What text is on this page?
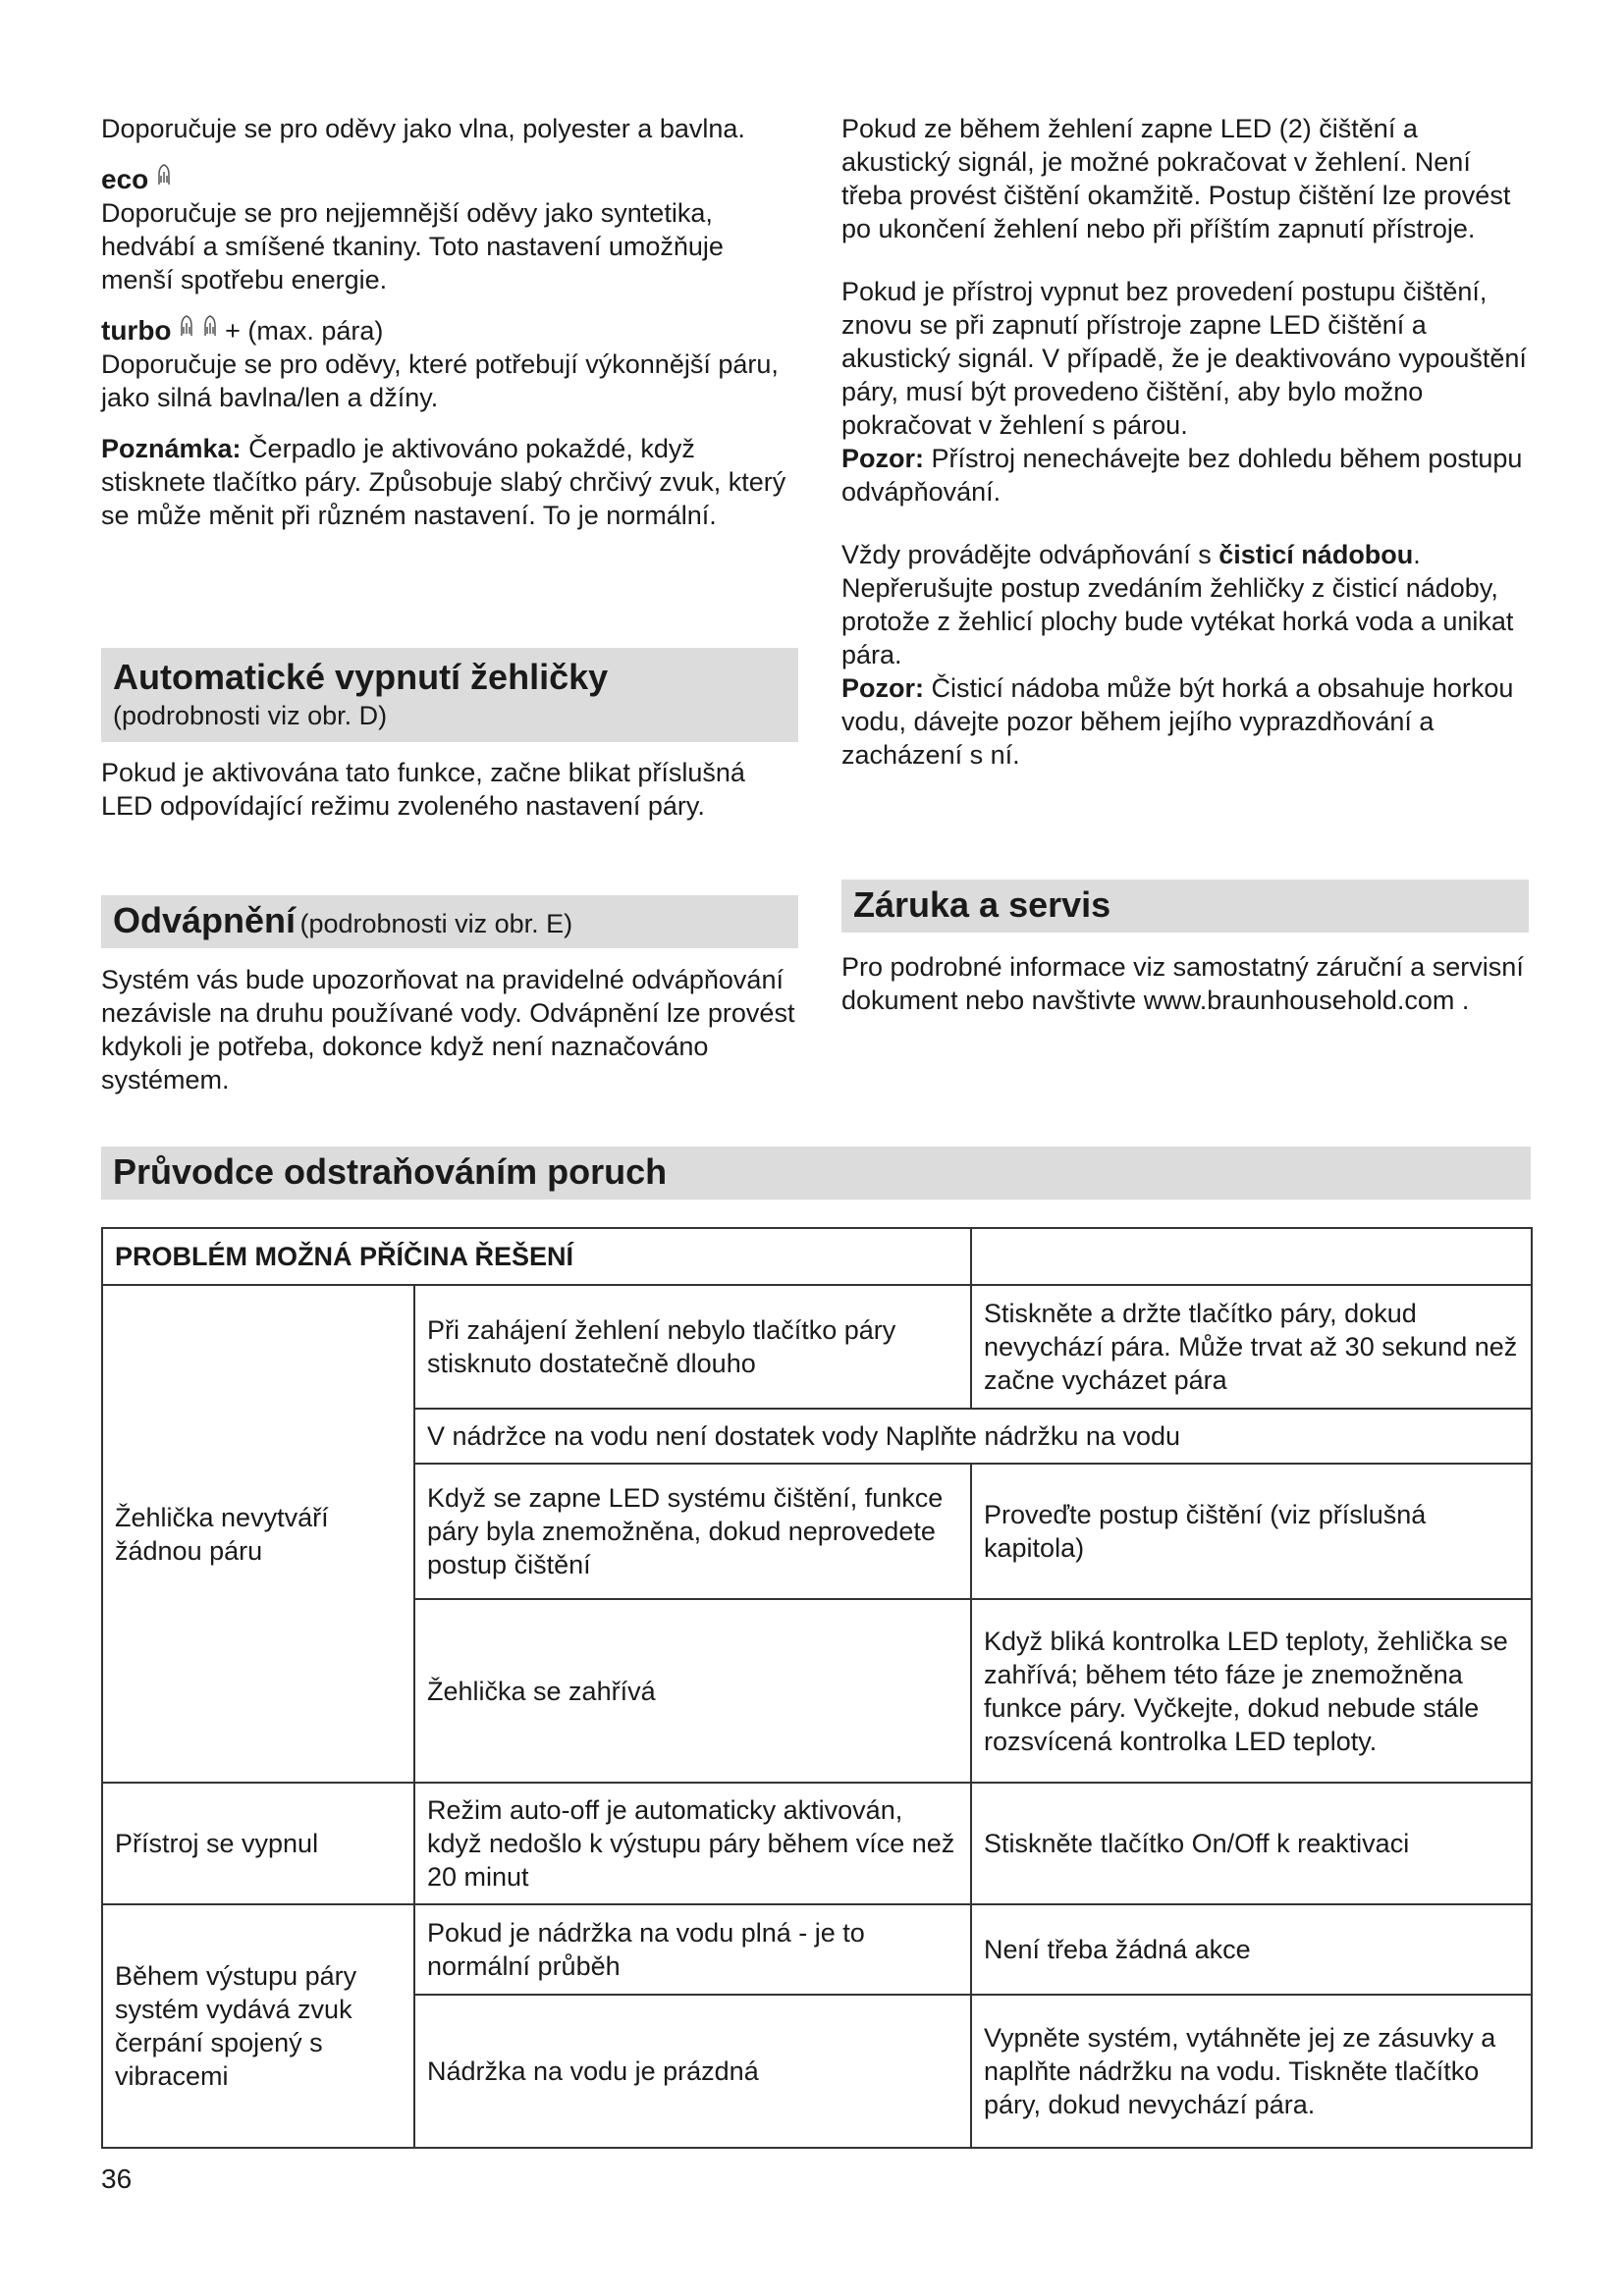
Doporučuje se pro oděvy jako vlna, polyester a bavlna.

eco

Doporučuje se pro nejjemnější oděvy jako syntetika, hedvábí a smíšené tkaniny. Toto nastavení umožňuje menší spotřebu energie.

turbo
+ (max. pára)

Doporučuje se pro oděvy, které potřebují výkonnější páru, jako silná bavlna/len a džíny.

Poznámka: Čerpadlo je aktivováno pokaždé, když stisknete tlačítko páry. Způsobuje slabý chrčivý zvuk, který se může měnit při různém nastavení. To je normální.

Automatické vypnutí žehličky
(podrobnosti viz obr. D)

Pokud je aktivována tato funkce, začne blikat příslušná LED odpovídající režimu zvoleného nastavení páry.

Odvápnění (podrobnosti viz obr. E)

Systém vás bude upozorňovat na pravidelné odvápňování nezávisle na druhu používané vody. Odvápnění lze provést kdykoli je potřeba, dokonce když není naznačováno systémem.

Pokud ze během žehlení zapne LED (2) čištění a akustický signál, je možné pokračovat v žehlení. Není třeba provést čištění okamžitě. Postup čištění lze provést po ukončení žehlení nebo při příštím zapnutí přístroje.

Pokud je přístroj vypnut bez provedení postupu čištění, znovu se při zapnutí přístroje zapne LED čištění a akustický signál. V případě, že je deaktivováno vypouštění páry, musí být provedeno čištění, aby bylo možno pokračovat v žehlení s párou.

Pozor: Přístroj nenechávejte bez dohledu během postupu odvápňování.

Vždy provádějte odvápňování s čisticí nádobou. Nepřerušujte postup zvedáním žehličky z čisticí nádoby, protože z žehlicí plochy bude vytékat horká voda a unikat pára.

Pozor: Čisticí nádoba může být horká a obsahuje horkou vodu, dávejte pozor během jejího vyprazdňování a zacházení s ní.

Záruka a servis

Pro podrobné informace viz samostatný záruční a servisní dokument nebo navštivte www.braunhousehold.com .

Průvodce odstraňováním poruch
PROBLÉM MOŽNÁ PŘÍČINA ŘEŠENÍ		
Žehlička nevytváří žádnou páru	Při zahájení žehlení nebylo tlačítko páry stisknuto dostatečně dlouho	Stiskněte a držte tlačítko páry, dokud nevychází pára. Může trvat až 30 sekund než začne vycházet pára
	V nádržce na vodu není dostatek vody Naplňte nádržku na vodu	
	Když se zapne LED systému čištění, funkce páry byla znemožněna, dokud neprovedete postup čištění	Proveďte postup čištění (viz příslušná kapitola)
	Žehlička se zahřívá	Když bliká kontrolka LED teploty, žehlička se zahřívá; během této fáze je znemožněna funkce páry. Vyčkejte, dokud nebude stále rozsvícená kontrolka LED teploty.
Přístroj se vypnul	Režim auto-off je automaticky aktivován, když nedošlo k výstupu páry během více než 20 minut	Stiskněte tlačítko On/Off k reaktivaci
Během výstupu páry systém vydává zvuk čerpání spojený s vibracemi	Pokud je nádržka na vodu plná - je to normální průběh	Není třeba žádná akce
	Nádržka na vodu je prázdná	Vypněte systém, vytáhněte jej ze zásuvky a naplňte nádržku na vodu. Tiskněte tlačítko páry, dokud nevychází pára.
36
